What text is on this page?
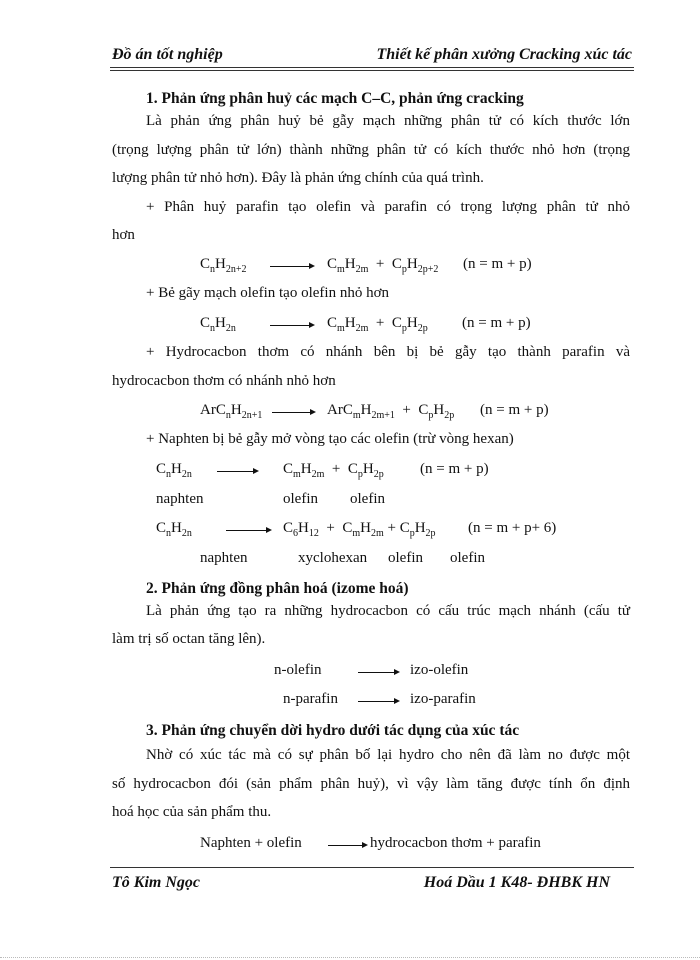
Đồ án tốt nghiệp	Thiết kế phân xưởng Cracking xúc tác
1. Phản ứng phân huỷ các mạch C–C, phản ứng cracking
Là phản ứng phân huỷ bẻ gẫy mạch những phân tử có kích thước lớn
(trọng lượng phân tử lớn) thành những phân tử có kích thước nhỏ hơn (trọng
lượng phân tử nhỏ hơn). Đây là phản ứng chính của quá trình.
+ Phân huỷ parafin tạo olefin và parafin có trọng lượng phân tử nhỏ
hơn
$C_nH_{2n+2}$	$C_mH_{2m} + C_pH_{2p+2}$ (n = m + p)
+ Bẻ gãy mạch olefin tạo olefin nhỏ hơn
$C_nH_{2n}$	$C_mH_{2m} + C_pH_{2p}$ (n = m + p)
+ Hydrocacbon thơm có nhánh bên bị bẻ gẫy tạo thành parafin và
hydrocacbon thơm có nhánh nhỏ hơn
$ArC_nH_{2n+1}$	$ArC_mH_{2m+1} + C_pH_{2p}$ (n = m + p)
+ Naphten bị bẻ gẫy mở vòng tạo các olefin (trừ vòng hexan)
$C_nH_{2n}$	$C_mH_{2m} + C_pH_{2p}$ (n = m + p)
naphten	olefin olefin
$C_nH_{2n}$	$C_6H_{12} + C_mH_{2m} + C_pH_{2p}$ (n = m + p+ 6)
naphten	xyclohexan olefin olefin
2. Phản ứng đồng phân hoá (izome hoá)
Là phản ứng tạo ra những hydrocacbon có cấu trúc mạch nhánh (cấu tử
làm trị số octan tăng lên).
n-olefin	izo-olefin
n-parafin	izo-parafin
3. Phản ứng chuyển dời hydro dưới tác dụng của xúc tác
Nhờ có xúc tác mà có sự phân bố lại hydro cho nên đã làm no được một
số hydrocacbon đói (sản phẩm phân huỷ), vì vậy làm tăng được tính ổn định
hoá học của sản phẩm thu.
Naphten + olefin	hydrocacbon thơm + parafin
Tô Kim Ngọc	Hoá Dầu 1 K48- ĐHBK HN
